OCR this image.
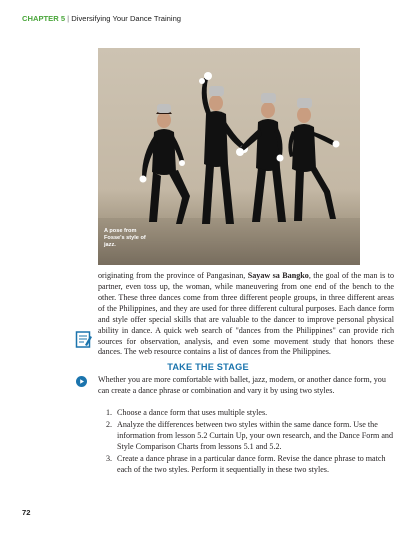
CHAPTER 5 | Diversifying Your Dance Training
A pose from Fosse's style of jazz.

originating from the province of Pangasinan, Sayaw sa Bangko, the goal of the man is to partner, even toss up, the woman, while maneuvering from one end of the bench to the other. These three dances come from three different people groups, in three different areas of the Philippines, and they are used for three different cultural purposes. Each dance form and style offer special skills that are valuable to the dancer to improve personal physical ability in dance. A quick web search of "dances from the Philippines" can provide rich sources for observation, analysis, and even some movement study that honors these dances. The web resource contains a list of dances from the Philippines.

TAKE THE STAGE

Whether you are more comfortable with ballet, jazz, modern, or another dance form, you can create a dance phrase or combination and vary it by using two styles.

1. Choose a dance form that uses multiple styles.
2. Analyze the differences between two styles within the same dance form. Use the information from lesson 5.2 Curtain Up, your own research, and the Dance Form and Style Comparison Charts from lessons 5.1 and 5.2.
3. Create a dance phrase in a particular dance form. Revise the dance phrase to match each of the two styles. Perform it sequentially in these two styles.
72
